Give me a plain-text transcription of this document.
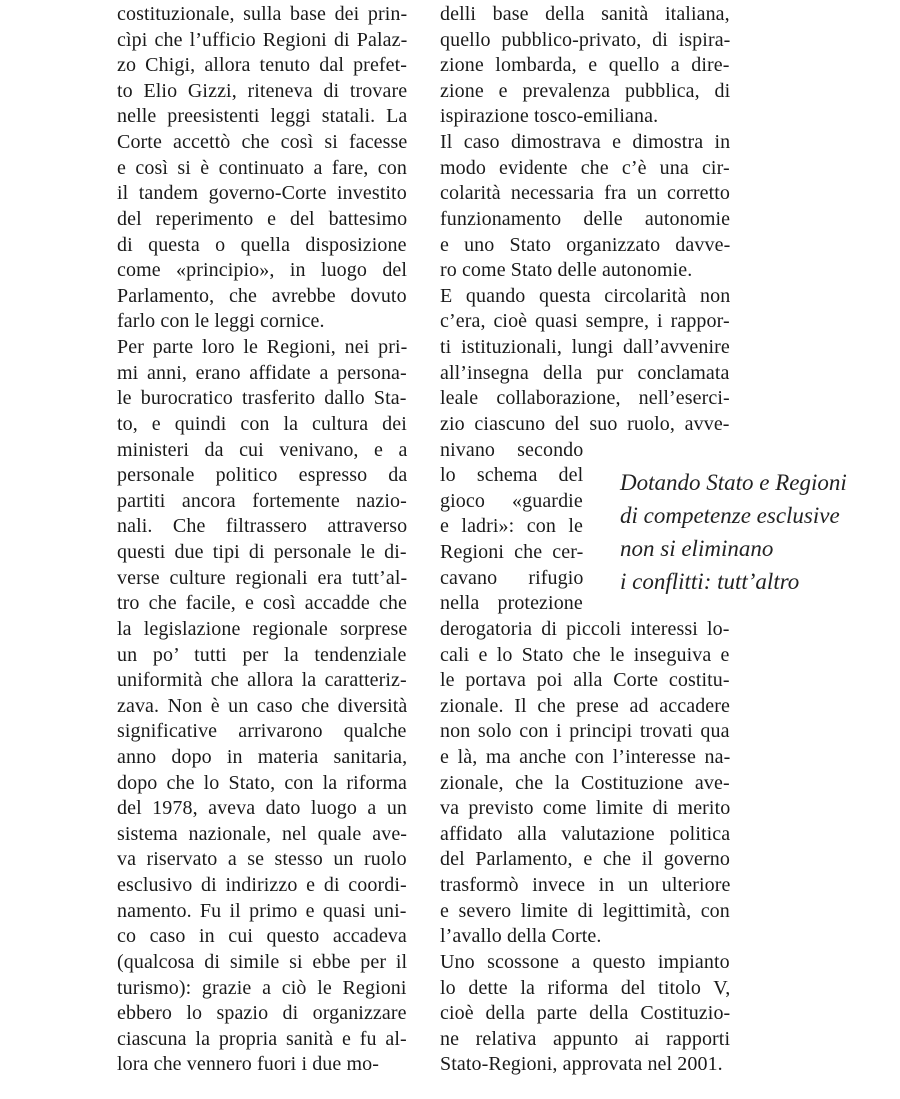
costituzionale, sulla base dei prin-
cìpi che l’ufficio Regioni di Palaz-
zo Chigi, allora tenuto dal prefet-
to Elio Gizzi, riteneva di trovare
nelle preesistenti leggi statali. La
Corte accettò che così si facesse
e così si è continuato a fare, con
il tandem governo-Corte investito
del reperimento e del battesimo
di questa o quella disposizione
come «principio», in luogo del
Parlamento, che avrebbe dovuto
farlo con le leggi cornice.
Per parte loro le Regioni, nei pri-
mi anni, erano affidate a persona-
le burocratico trasferito dallo Sta-
to, e quindi con la cultura dei
ministeri da cui venivano, e a
personale politico espresso da
partiti ancora fortemente nazio-
nali. Che filtrassero attraverso
questi due tipi di personale le di-
verse culture regionali era tutt’al-
tro che facile, e così accadde che
la legislazione regionale sorprese
un po’ tutti per la tendenziale
uniformità che allora la caratteriz-
zava. Non è un caso che diversità
significative arrivarono qualche
anno dopo in materia sanitaria,
dopo che lo Stato, con la riforma
del 1978, aveva dato luogo a un
sistema nazionale, nel quale ave-
va riservato a se stesso un ruolo
esclusivo di indirizzo e di coordi-
namento. Fu il primo e quasi uni-
co caso in cui questo accadeva
(qualcosa di simile si ebbe per il
turismo): grazie a ciò le Regioni
ebbero lo spazio di organizzare
ciascuna la propria sanità e fu al-
lora che vennero fuori i due mo-
delli base della sanità italiana,
quello pubblico-privato, di ispira-
zione lombarda, e quello a dire-
zione e prevalenza pubblica, di
ispirazione tosco-emiliana.
Il caso dimostrava e dimostra in
modo evidente che c’è una cir-
colarità necessaria fra un corretto
funzionamento delle autonomie
e uno Stato organizzato davve-
ro come Stato delle autonomie.
E quando questa circolarità non
c’era, cioè quasi sempre, i rappor-
ti istituzionali, lungi dall’avvenire
all’insegna della pur conclamata
leale collaborazione, nell’eserci-
zio ciascuno del suo ruolo, avve-
nivano secondo
lo schema del
gioco «guardie
e ladri»: con le
Regioni che cer-
cavano rifugio
nella protezione
derogatoria di piccoli interessi lo-
cali e lo Stato che le inseguiva e
le portava poi alla Corte costitu-
zionale. Il che prese ad accadere
non solo con i principi trovati qua
e là, ma anche con l’interesse na-
zionale, che la Costituzione ave-
va previsto come limite di merito
affidato alla valutazione politica
del Parlamento, e che il governo
trasformò invece in un ulteriore
e severo limite di legittimità, con
l’avallo della Corte.
Uno scossone a questo impianto
lo dette la riforma del titolo V,
cioè della parte della Costituzio-
ne relativa appunto ai rapporti
Stato-Regioni, approvata nel 2001.
Dotando Stato e Regioni
di competenze esclusive
non si eliminano
i conflitti: tutt’altro
